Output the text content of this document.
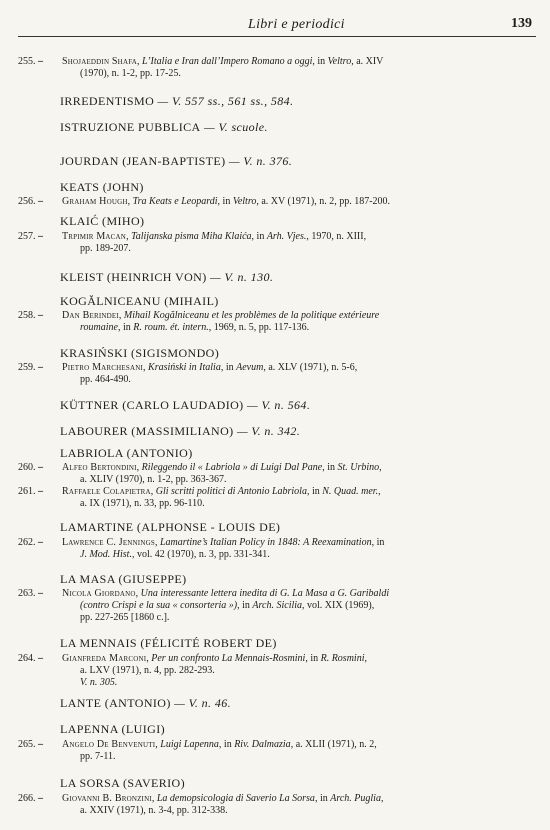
Libri e periodici	139
255. –	Shojaeddin Shafa, L’Italia e Iran dall’Impero Romano a oggi, in Veltro, a. XIV
(1970), n. 1-2, pp. 17-25.
IRREDENTISMO — V. 557 ss., 561 ss., 584.
ISTRUZIONE PUBBLICA — V. scuole.
JOURDAN (JEAN-BAPTISTE) — V. n. 376.
KEATS (JOHN)
256. –	Graham Hough, Tra Keats e Leopardi, in Veltro, a. XV (1971), n. 2, pp. 187-200.
KLAIĆ (MIHO)
257. –	Trpimir Macan, Talijanska pisma Miha Klaića, in Arh. Vjes., 1970, n. XIII,
pp. 189-207.
KLEIST (HEINRICH VON) — V. n. 130.
KOGĂLNICEANU (MIHAIL)
258. –	Dan Berindei, Mihail Kogălniceanu et les problèmes de la politique extérieure
roumaine, in R. roum. ét. intern., 1969, n. 5, pp. 117-136.
KRASIŃSKI (SIGISMONDO)
259. –	Pietro Marchesani, Krasiński in Italia, in Aevum, a. XLV (1971), n. 5-6,
pp. 464-490.
KÜTTNER (CARLO LAUDADIO) — V. n. 564.
LABOURER (MASSIMILIANO) — V. n. 342.
LABRIOLA (ANTONIO)
260. –	Alfeo Bertondini, Rileggendo il « Labriola » di Luigi Dal Pane, in St. Urbino,
a. XLIV (1970), n. 1-2, pp. 363-367.
261. –	Raffaele Colapietra, Gli scritti politici di Antonio Labriola, in N. Quad. mer.,
a. IX (1971), n. 33, pp. 96-110.
LAMARTINE (ALPHONSE - LOUIS DE)
262. –	Lawrence C. Jennings, Lamartine’s Italian Policy in 1848: A Reexamination, in
J. Mod. Hist., vol. 42 (1970), n. 3, pp. 331-341.
LA MASA (GIUSEPPE)
263. –	Nicola Giordano, Una interessante lettera inedita di G. La Masa a G. Garibaldi
(contro Crispi e la sua « consorteria »), in Arch. Sicilia, vol. XIX (1969),
pp. 227-265 [1860 c.].
LA MENNAIS (FÉLICITÉ ROBERT DE)
264. –	Gianfreda Marconi, Per un confronto La Mennais-Rosmini, in R. Rosmini,
a. LXV (1971), n. 4, pp. 282-293.
V. n. 305.
LANTE (ANTONIO) — V. n. 46.
LAPENNA (LUIGI)
265. –	Angelo De Benvenuti, Luigi Lapenna, in Riv. Dalmazia, a. XLII (1971), n. 2,
pp. 7-11.
LA SORSA (SAVERIO)
266. –	Giovanni B. Bronzini, La demopsicologia di Saverio La Sorsa, in Arch. Puglia,
a. XXIV (1971), n. 3-4, pp. 312-338.
